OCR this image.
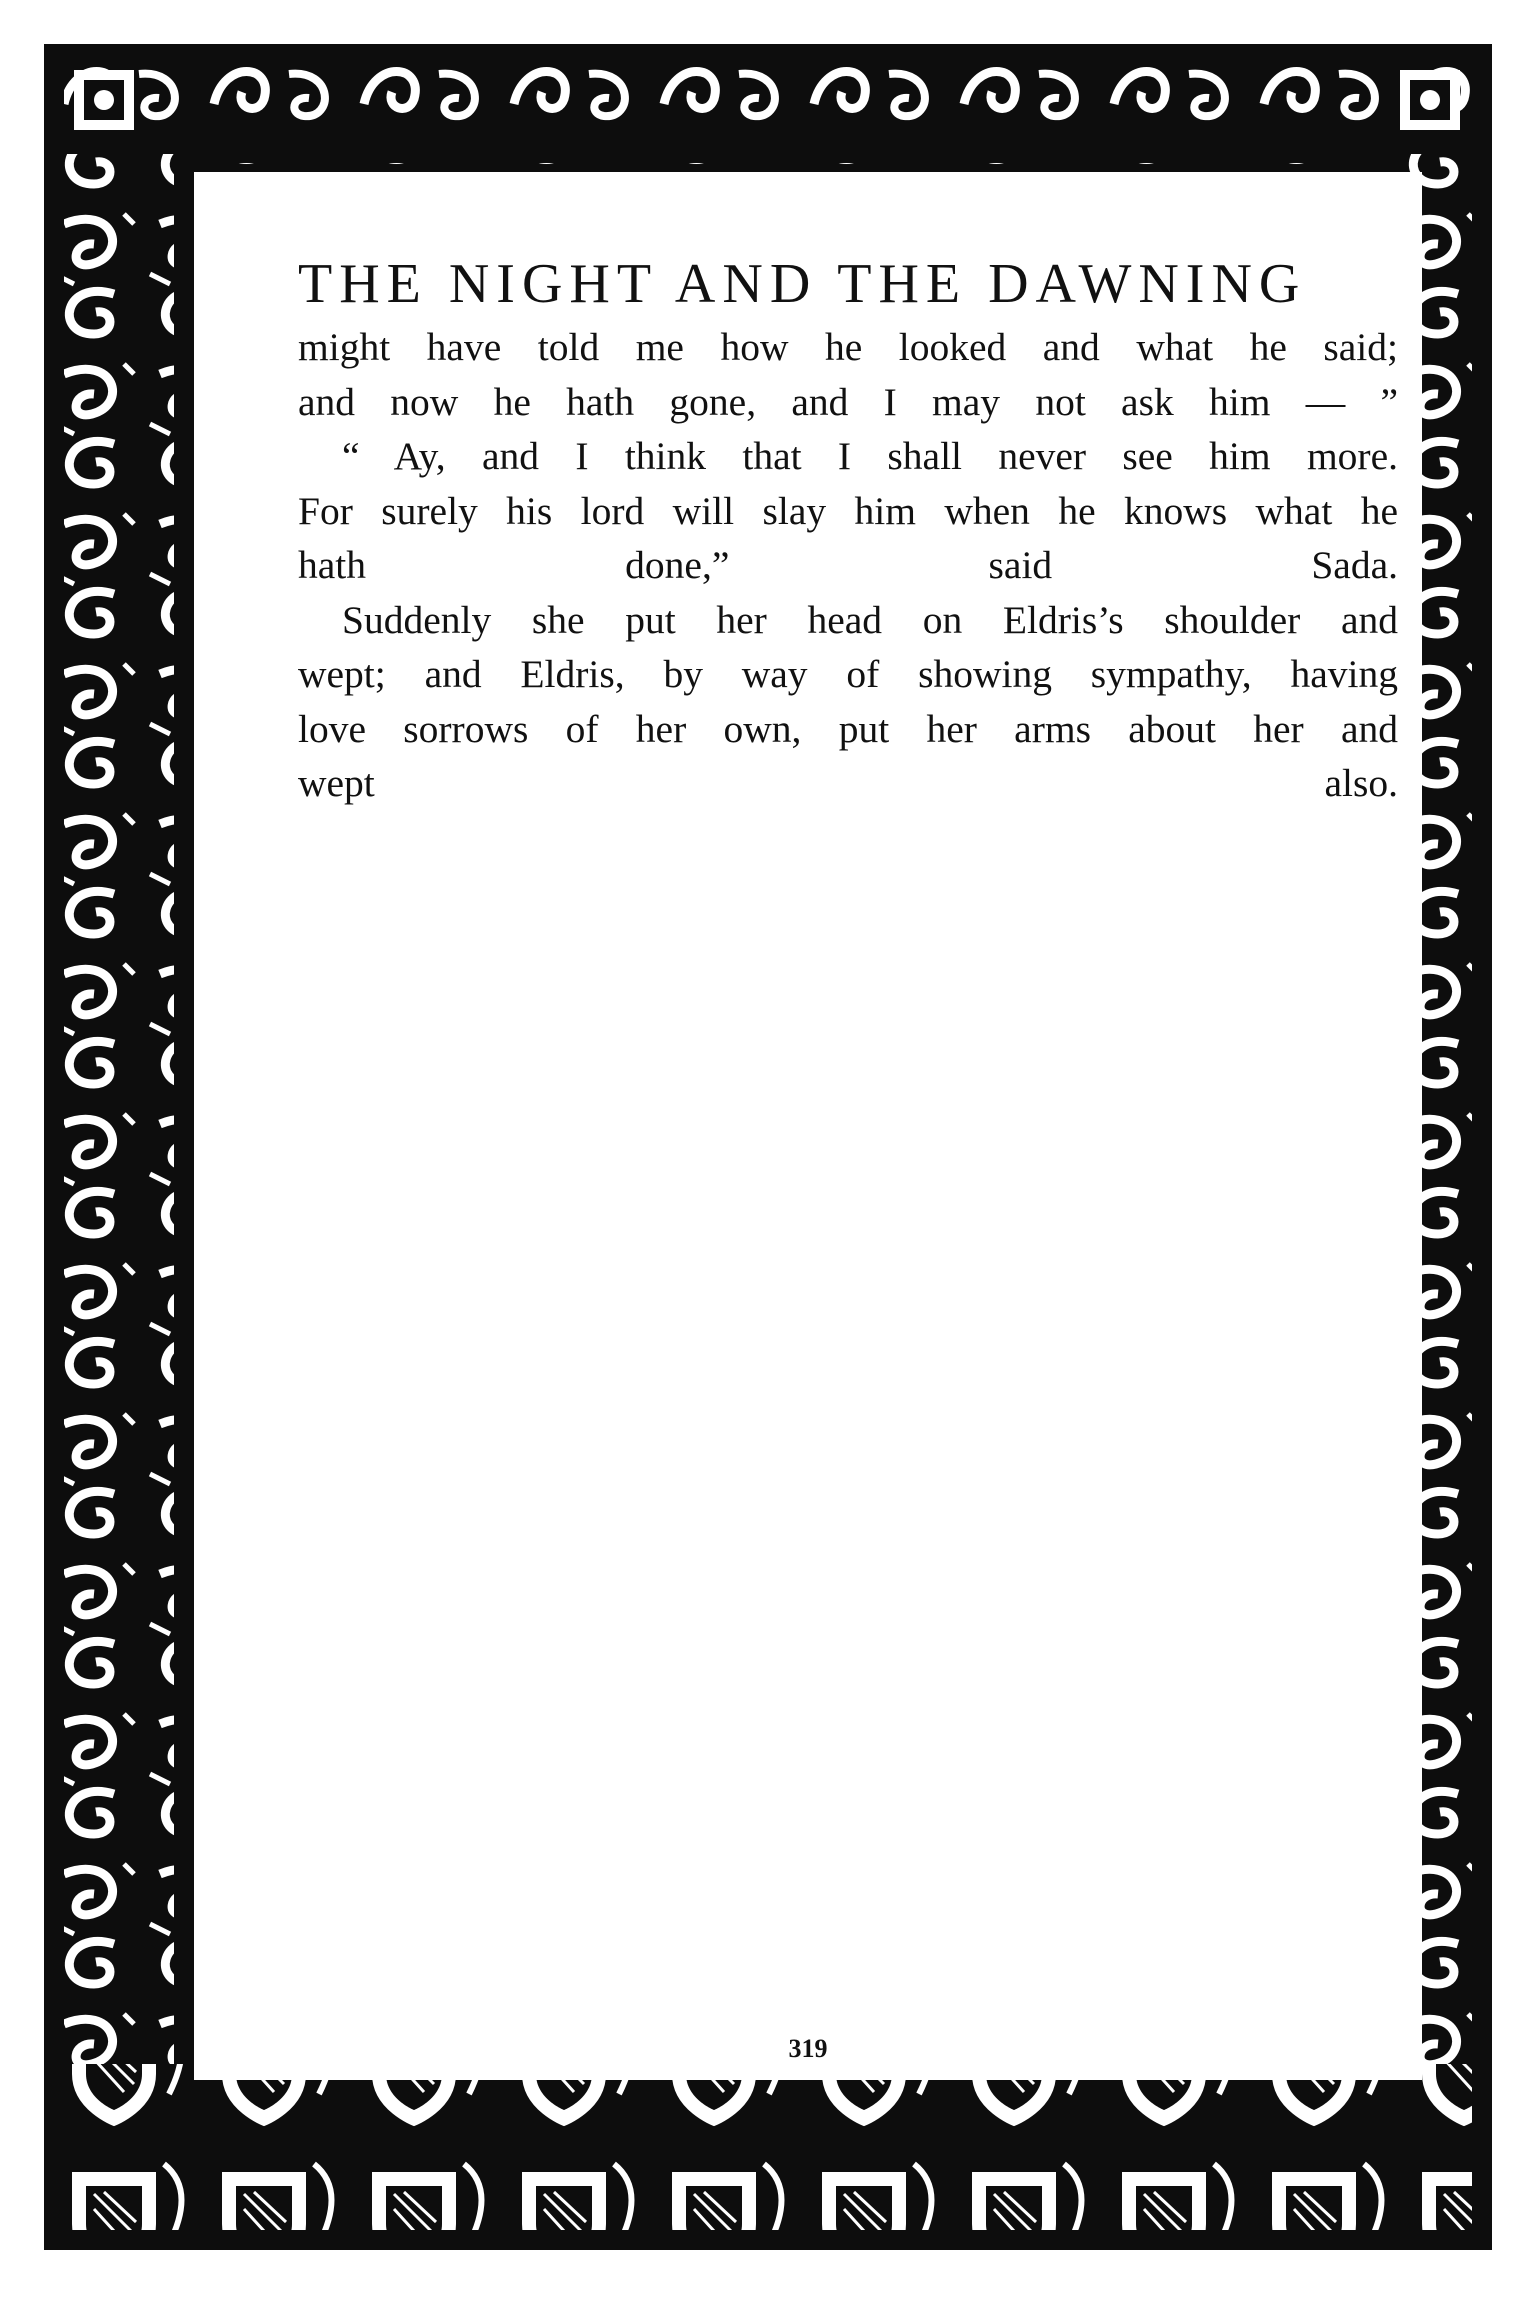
THE NIGHT AND THE DAWNING

might have told me how he looked and what he said;
and now he hath gone, and I may not ask him — ”

“ Ay, and I think that I shall never see him more.
For surely his lord will slay him when he knows what he
hath done,” said Sada.

Suddenly she put her head on Eldris’s shoulder and
wept; and Eldris, by way of showing sympathy, having
love sorrows of her own, put her arms about her and
wept also.

319
